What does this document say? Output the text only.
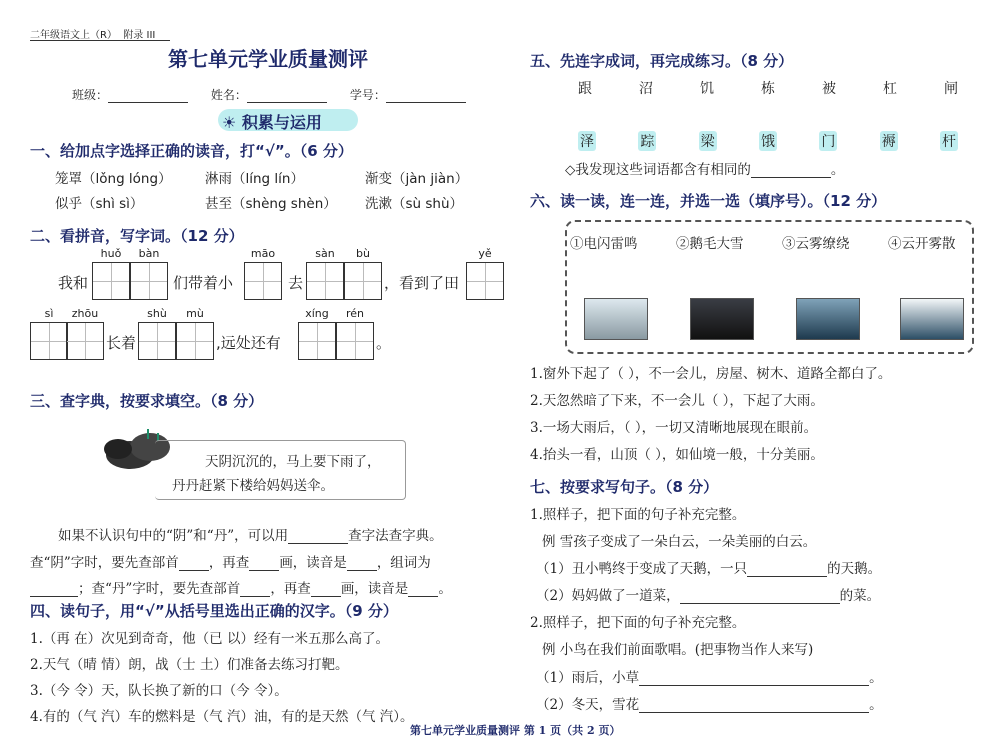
二年级语文上（R） 附录 III
第七单元学业质量测评
班级：	姓名：	学号：
☀ 积累与运用
一、给加点字选择正确的读音，打“√”。（6 分）
笼罩（lǒng lóng） 淋雨（líng lín）	渐变（jàn jiàn）
似乎（shì sì）	甚至（shèng shèn） 洗漱（sù shù）
二、看拼音，写字词。（12 分）
huǒ	bàn	māo	sàn	bù	yě
我和	们带着小	去	，看到了田
sì	zhōu	shù	mù	xíng	rén
长着	,远处还有	。
三、查字典，按要求填空。（8 分）
天阴沉沉的，马上要下雨了，
丹丹赶紧下楼给妈妈送伞。
如果不认识句中的“阴”和“丹”，可以用	查字法查字典。
查“阴”字时，要先查部首 ，再查 画，读音是 ，组词为
；查“丹”字时，要先查部首 ，再查 画，读音是 。
四、读句子，用“√”从括号里选出正确的汉字。（9 分）
1.（再 在）次见到奇奇，他（已 以）经有一米五那么高了。
2.天气（晴 情）朗，战（士 土）们准备去练习打靶。
3.（今 令）天，队长换了新的口（今 令）。
4.有的（气 汽）车的燃料是（气 汽）油，有的是天然（气 汽）。
五、先连字成词，再完成练习。（8 分）
跟	沼	饥	栋	被	杠	闸
泽	踪	梁	饿	门	褥	杆
◇我发现这些词语都含有相同的	。
六、读一读，连一连，并选一选（填序号）。（12 分）
①电闪雷鸣	②鹅毛大雪	③云雾缭绕	④云开雾散
1.窗外下起了（ ），不一会儿，房屋、树木、道路全都白了。
2.天忽然暗了下来，不一会儿（ ），下起了大雨。
3.一场大雨后，（ ），一切又清晰地展现在眼前。
4.抬头一看，山顶（ ），如仙境一般，十分美丽。
七、按要求写句子。（8 分）
1.照样子，把下面的句子补充完整。
例 雪孩子变成了一朵白云，一朵美丽的白云。
（1）丑小鸭终于变成了天鹅，一只	的天鹅。
（2）妈妈做了一道菜，	的菜。
2.照样子，把下面的句子补充完整。
例 小鸟在我们前面歌唱。(把事物当作人来写)
（1）雨后，小草	。
（2）冬天，雪花	。
第七单元学业质量测评 第 1 页（共 2 页）
